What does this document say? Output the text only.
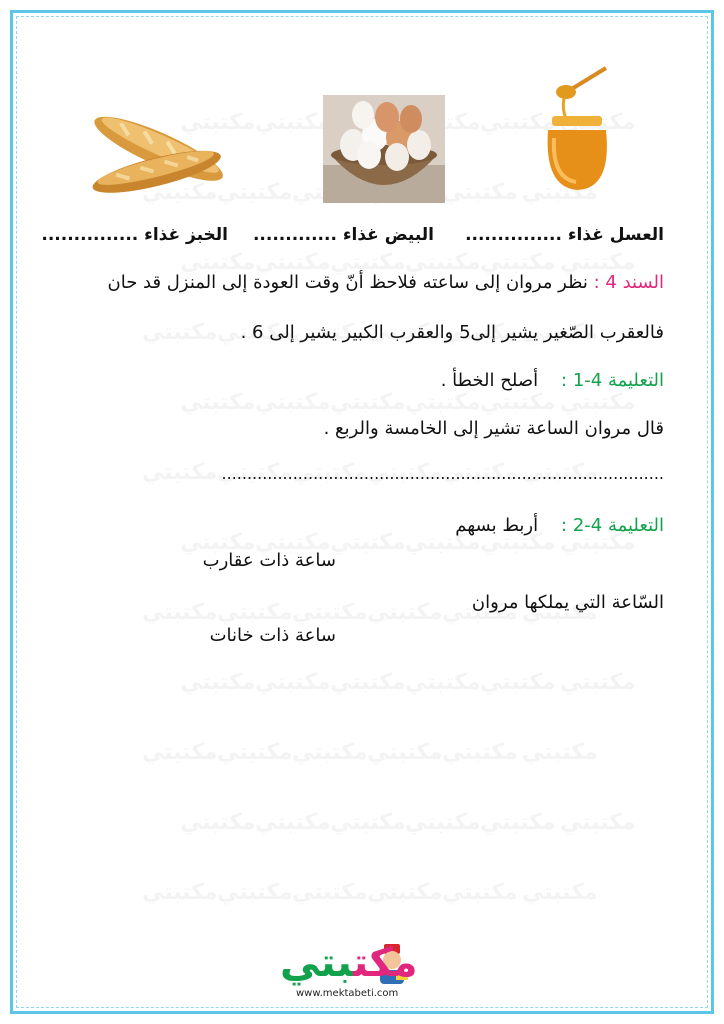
العسل غذاء ...............
البيض غذاء .............
الخبز غذاء ...............
السند 4 : نظر مروان إلى ساعته فلاحظ أنّ وقت العودة إلى المنزل قد حان
فالعقرب الصّغير يشير إلى5 والعقرب الكبير يشير إلى 6 .
التعليمة 4-1 :    أصلح الخطأ .
قال مروان الساعة تشير إلى الخامسة والربع .
.......................................................................................
التعليمة 4-2 :    أربط بسهم
ساعة ذات عقارب
السّاعة التي يملكها مروان
ساعة ذات خانات
مكتبتي
www.mektabeti.com
